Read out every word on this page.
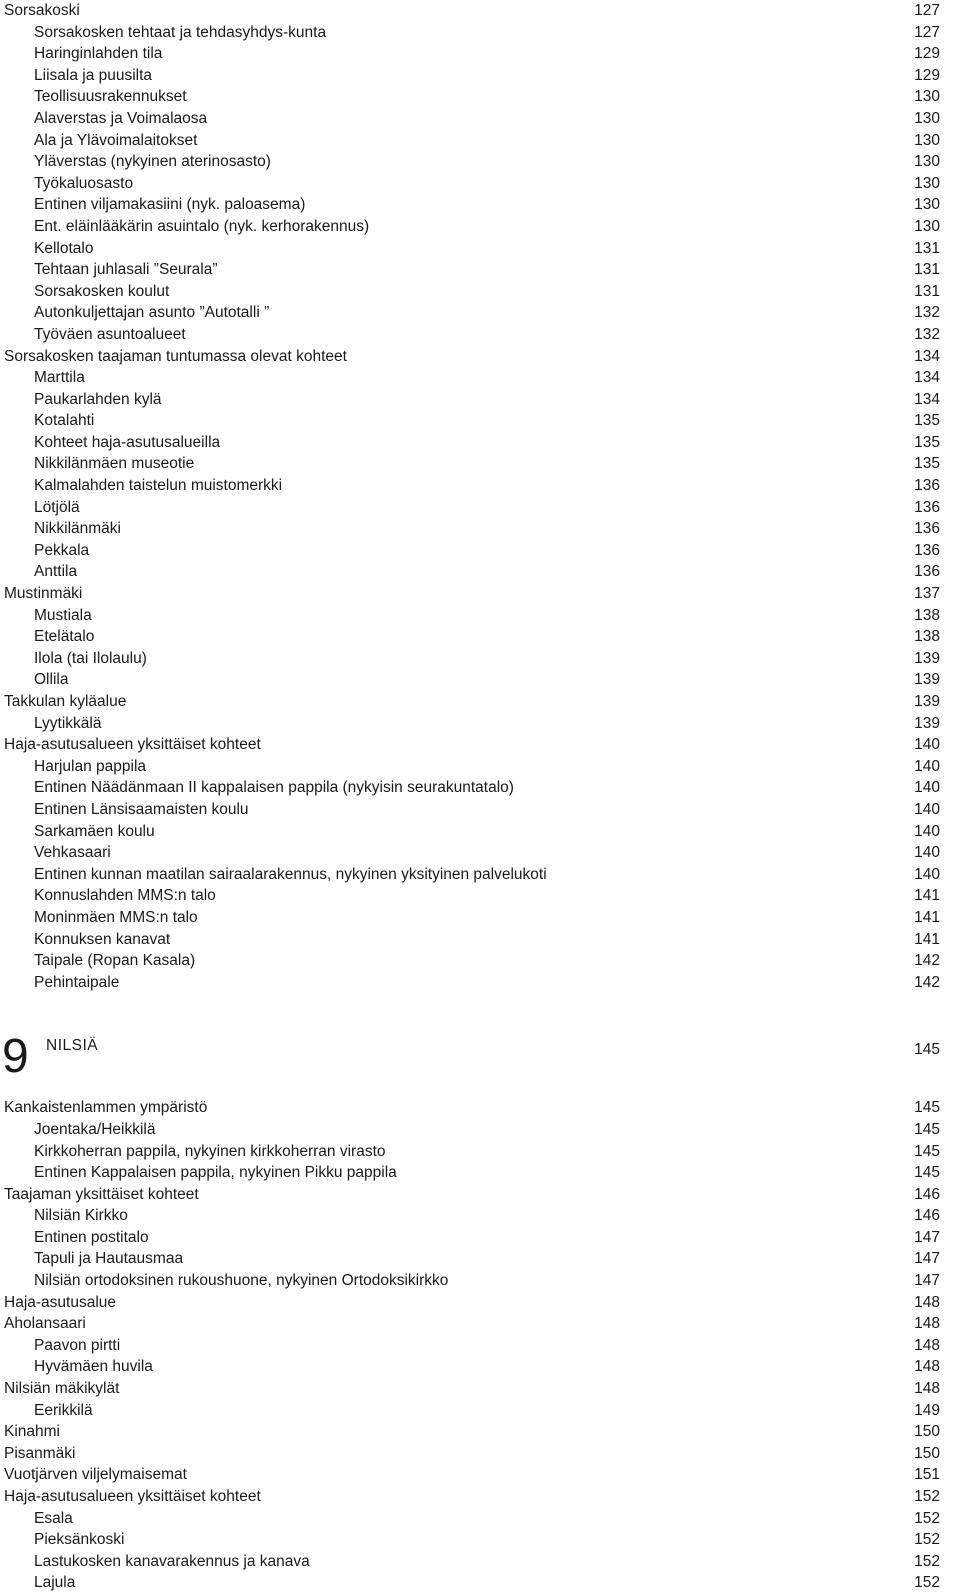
Sorsakoski	127
Sorsakosken tehtaat ja tehdasyhdys-kunta	127
Haringinlahden tila	129
Liisala ja puusilta	129
Teollisuusrakennukset	130
Alaverstas ja Voimalaosa	130
Ala ja Ylävoimalaitokset	130
Yläverstas (nykyinen aterinosasto)	130
Työkaluosasto	130
Entinen viljamakasiini (nyk. paloasema)	130
Ent. eläinlääkärin asuintalo (nyk. kerhorakennus)	130
Kellotalo	131
Tehtaan juhlasali ”Seurala”	131
Sorsakosken koulut	131
Autonkuljettajan asunto ”Autotalli ”	132
Työväen asuntoalueet	132
Sorsakosken taajaman tuntumassa olevat kohteet	134
Marttila	134
Paukarlahden kylä	134
Kotalahti	135
Kohteet haja-asutusalueilla	135
Nikkilänmäen museotie	135
Kalmalahden taistelun muistomerkki	136
Lötjölä	136
Nikkilänmäki	136
Pekkala	136
Anttila	136
Mustinmäki	137
Mustiala	138
Etelätalo	138
Ilola (tai Ilolaulu)	139
Ollila	139
Takkulan kyläalue	139
Lyytikkälä	139
Haja-asutusalueen yksittäiset kohteet	140
Harjulan pappila	140
Entinen Näädänmaan II kappalaisen pappila (nykyisin seurakuntatalo)	140
Entinen Länsisaamaisten koulu	140
Sarkamäen koulu	140
Vehkasaari	140
Entinen kunnan maatilan sairaalarakennus, nykyinen yksityinen palvelukoti	140
Konnuslahden MMS:n talo	141
Moninmäen MMS:n talo	141
Konnuksen kanavat	141
Taipale (Ropan Kasala)	142
Pehintaipale	142
9 NILSIÄ	145
Kankaistenlammen ympäristö	145
Joentaka/Heikkilä	145
Kirkkoherran pappila, nykyinen kirkkoherran virasto	145
Entinen Kappalaisen pappila, nykyinen Pikku pappila	145
Taajaman yksittäiset kohteet	146
Nilsiän Kirkko	146
Entinen postitalo	147
Tapuli ja Hautausmaa	147
Nilsiän ortodoksinen rukoushuone, nykyinen Ortodoksikirkko	147
Haja-asutusalue	148
Aholansaari	148
Paavon pirtti	148
Hyvämäen huvila	148
Nilsiän mäkikylät	148
Eerikkilä	149
Kinahmi	150
Pisanmäki	150
Vuotjärven viljelymaisemat	151
Haja-asutusalueen yksittäiset kohteet	152
Esala	152
Pieksänkoski	152
Lastukosken kanavarakennus ja kanava	152
Lajula	152
